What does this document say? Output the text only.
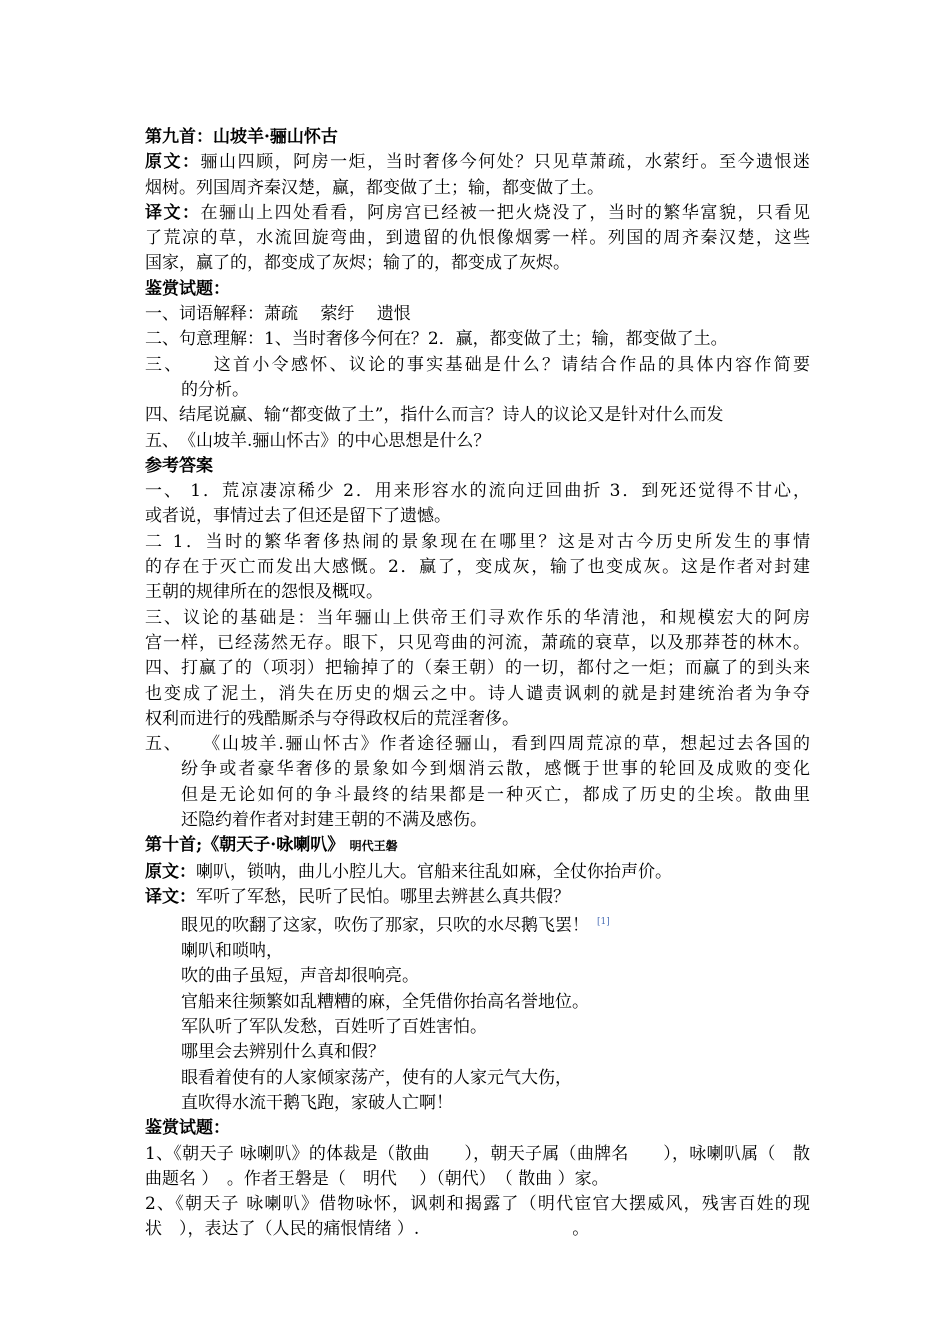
第九首：山坡羊·骊山怀古
原文：骊山四顾，阿房一炬，当时奢侈今何处？只见草萧疏，水萦纡。至今遗恨迷
烟树。列国周齐秦汉楚，赢，都变做了土；输，都变做了土。
译文：在骊山上四处看看，阿房宫已经被一把火烧没了，当时的繁华富貌，只看见
了荒凉的草，水流回旋弯曲，到遗留的仇恨像烟雾一样。列国的周齐秦汉楚，这些
国家，赢了的，都变成了灰烬；输了的，都变成了灰烬。
鉴赏试题：
一、词语解释：萧疏　 萦纡　 遗恨
二、句意理解：1、当时奢侈今何在？2．赢，都变做了土；输，都变做了土。
三、　　这首小令感怀、议论的事实基础是什么？请结合作品的具体内容作简要
的分析。
四、结尾说赢、输“都变做了土”，指什么而言？诗人的议论又是针对什么而发
五、　《山坡羊.骊山怀古》的中心思想是什么？
参考答案
一、 1．荒凉凄凉稀少 2．用来形容水的流向迂回曲折 3．到死还觉得不甘心，
或者说，事情过去了但还是留下了遗憾。
二 1．当时的繁华奢侈热闹的景象现在在哪里？这是对古今历史所发生的事情
的存在于灭亡而发出大感慨。2．赢了，变成灰，输了也变成灰。这是作者对封建
王朝的规律所在的怨恨及概叹。
三、议论的基础是：当年骊山上供帝王们寻欢作乐的华清池，和规模宏大的阿房
宫一样，已经荡然无存。眼下，只见弯曲的河流，萧疏的衰草，以及那莽苍的林木。
四、打赢了的（项羽）把输掉了的（秦王朝）的一切，都付之一炬；而赢了的到头来
也变成了泥土，消失在历史的烟云之中。诗人谴责讽刺的就是封建统治者为争夺
权利而进行的残酷厮杀与夺得政权后的荒淫奢侈。
五、　　《山坡羊.骊山怀古》作者途径骊山，看到四周荒凉的草，想起过去各国的
纷争或者豪华奢侈的景象如今到烟消云散，感慨于世事的轮回及成败的变化
但是无论如何的争斗最终的结果都是一种灭亡，都成了历史的尘埃。散曲里
还隐约着作者对封建王朝的不满及感伤。
第十首;《朝天子·咏喇叭》 明代王磐
原文：喇叭，锁呐，曲儿小腔儿大。官船来往乱如麻，全仗你抬声价。
译文：军听了军愁，民听了民怕。哪里去辨甚么真共假？
眼见的吹翻了这家，吹伤了那家，只吹的水尽鹅飞罢！ [1]
喇叭和唢呐，
吹的曲子虽短，声音却很响亮。
官船来往频繁如乱糟糟的麻，全凭借你抬高名誉地位。
军队听了军队发愁，百姓听了百姓害怕。
哪里会去辨别什么真和假？
眼看着使有的人家倾家荡产，使有的人家元气大伤，
直吹得水流干鹅飞跑，家破人亡啊！
鉴赏试题：
1、《朝天子 咏喇叭》的体裁是（散曲　　），朝天子属（曲牌名　　），咏喇叭属（　散
曲题名 ）　。作者王磐是（　明代　 ）（朝代）　（ 散曲 ）家。
2、《朝天子 咏喇叭》借物咏怀，讽刺和揭露了（明代宦官大摆威风，残害百姓的现
状　），表达了（人民的痛恨情绪 ）.　　　　　　　　　。
